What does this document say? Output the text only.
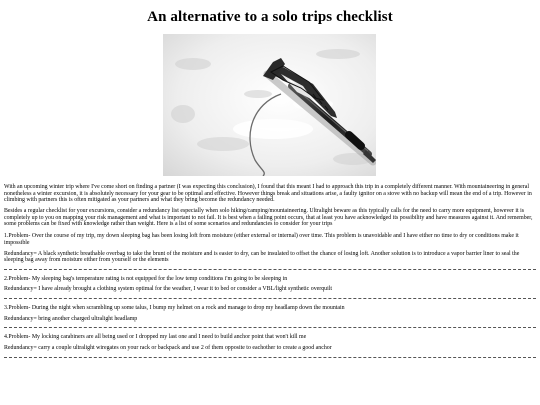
An alternative to a solo trips checklist

With an upcoming winter trip where I've come short on finding a partner (I was expecting this conclusion), I found that this meant I had to approach this trip in a completely different manner. With mountaineering in general nonetheless a winter excursion, it is absolutely necessary for your gear to be optimal and effective. However things break and situations arise, a faulty ignitor on a stove with no backup will mean the end of a trip. However in climbing with partners this is often mitigated as your partners and what they bring become the redundancy needed.

Besides a regular checklist for your excursions, consider a redundancy list especially when solo hiking/camping/mountaineering. Ultralight beware as this typically calls for the need to carry more equipment, however it is completely up to you on mapping your risk management and what is important to not fail. It is best when a failing point occurs, that at least you have acknowledged its possibility and have measures against it. And remember, some problems can be fixed with knowledge rather than weight. Here is a list of some scenarios and redundancies to consider for your trips

1.Problem- Over the course of my trip, my down sleeping bag has been losing loft from moisture (either external or internal) over time. This problem is unavoidable and I have either no time to dry or conditions make it impossible

Redundancy= A black synthetic breathable overbag to take the brunt of the moisture and is easier to dry, can be insulated to offset the chance of losing loft. Another solution is to introduce a vapor barrier liner to seal the sleeping bag away from moisture either from yourself or the elements

2.Problem- My sleeping bag's temperature rating is not equipped for the low temp conditions i'm going to be sleeping in

Redundancy= I have already brought a clothing system optimal for the weather, I wear it to bed or consider a VBL/light synthetic overquilt

3.Problem- During the night when scrambling up some talus, I bump my helmet on a rock and manage to drop my headlamp down the mountain

Redundancy= bring another charged ultralight headlamp

4.Problem- My locking carabiners are all being used or I dropped my last one and I need to build anchor point that won't kill me

Redundancy= carry a couple ultralight wiregates on your rack or backpack and use 2 of them opposite to eachother to create a good anchor
